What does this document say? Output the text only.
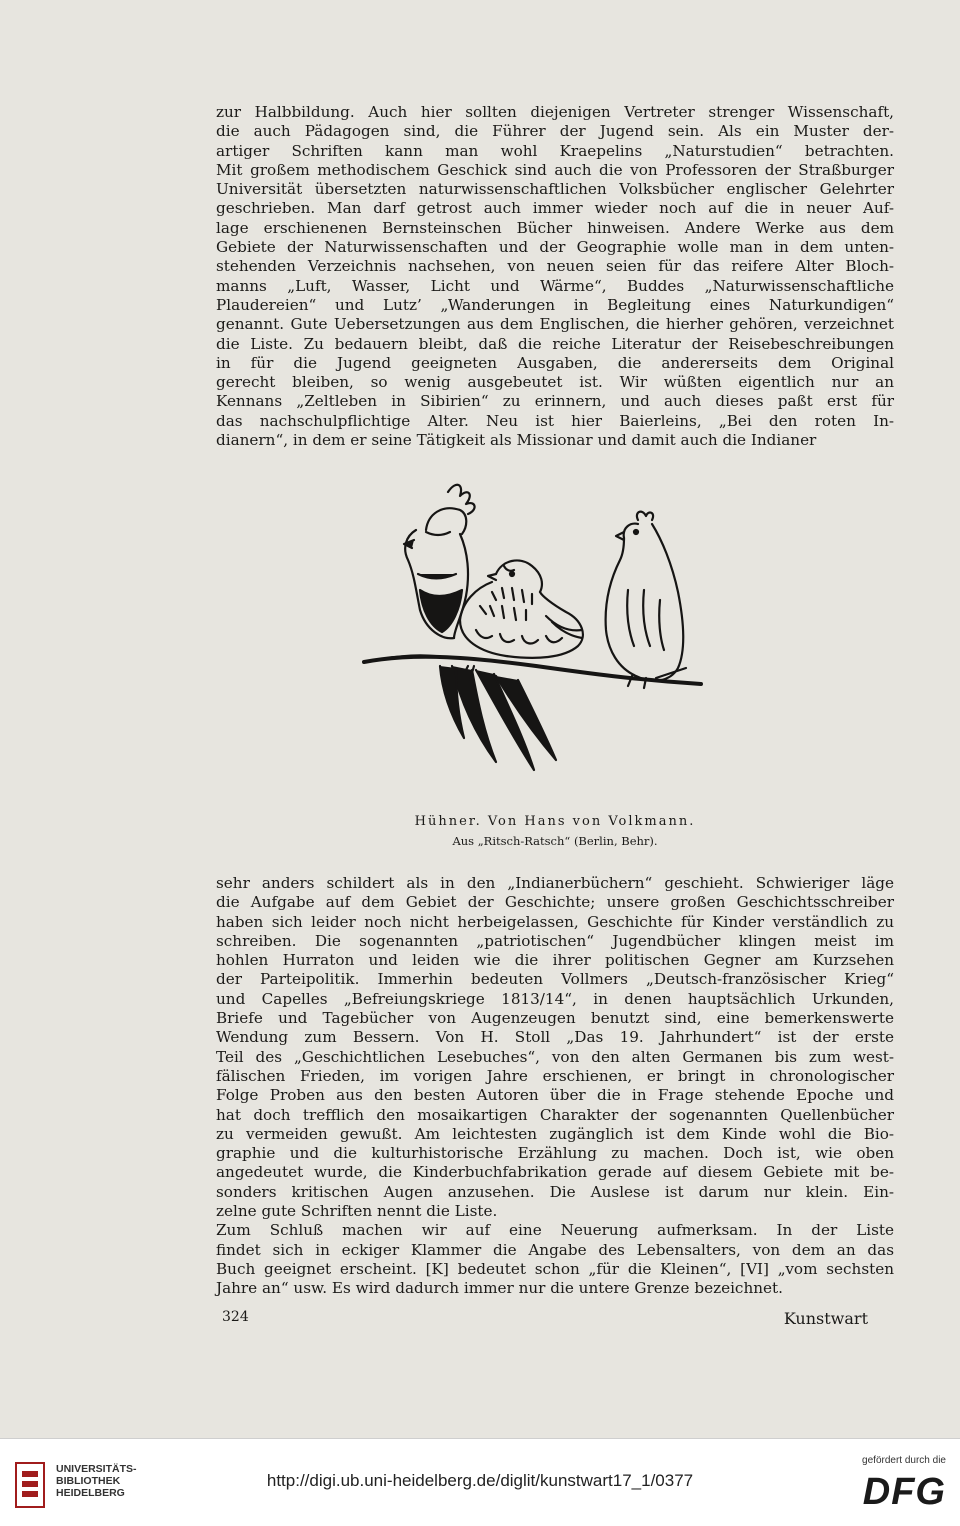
zur Halbbildung. Auch hier sollten diejenigen Vertreter strenger Wissenschaft,
die auch Pädagogen sind, die Führer der Jugend sein. Als ein Muster der-
artiger Schriften kann man wohl Kraepelins „Naturstudien“ betrachten.
Mit großem methodischem Geschick sind auch die von Professoren der Straßburger
Universität übersetzten naturwissenschaftlichen Volksbücher englischer Gelehrter
geschrieben. Man darf getrost auch immer wieder noch auf die in neuer Auf-
lage erschienenen Bernsteinschen Bücher hinweisen. Andere Werke aus dem
Gebiete der Naturwissenschaften und der Geographie wolle man in dem unten-
stehenden Verzeichnis nachsehen, von neuen seien für das reifere Alter Bloch-
manns „Luft, Wasser, Licht und Wärme“, Buddes „Naturwissenschaftliche
Plaudereien“ und Lutz’ „Wanderungen in Begleitung eines Naturkundigen“
genannt. Gute Uebersetzungen aus dem Englischen, die hierher gehören, verzeichnet
die Liste. Zu bedauern bleibt, daß die reiche Literatur der Reisebeschreibungen
in für die Jugend geeigneten Ausgaben, die andererseits dem Original
gerecht bleiben, so wenig ausgebeutet ist. Wir wüßten eigentlich nur an
Kennans „Zeltleben in Sibirien“ zu erinnern, und auch dieses paßt erst für
das nachschulpflichtige Alter. Neu ist hier Baierleins, „Bei den roten In-
dianern“, in dem er seine Tätigkeit als Missionar und damit auch die Indianer
Hühner. Von Hans von Volkmann.
Aus „Ritsch-Ratsch“ (Berlin, Behr).
sehr anders schildert als in den „Indianerbüchern“ geschieht. Schwieriger läge
die Aufgabe auf dem Gebiet der Geschichte; unsere großen Geschichtsschreiber
haben sich leider noch nicht herbeigelassen, Geschichte für Kinder verständlich zu
schreiben. Die sogenannten „patriotischen“ Jugendbücher klingen meist im
hohlen Hurraton und leiden wie die ihrer politischen Gegner am Kurzsehen
der Parteipolitik. Immerhin bedeuten Vollmers „Deutsch-französischer Krieg“
und Capelles „Befreiungskriege 1813/14“, in denen hauptsächlich Urkunden,
Briefe und Tagebücher von Augenzeugen benutzt sind, eine bemerkenswerte
Wendung zum Bessern. Von H. Stoll „Das 19. Jahrhundert“ ist der erste
Teil des „Geschichtlichen Lesebuches“, von den alten Germanen bis zum west-
fälischen Frieden, im vorigen Jahre erschienen, er bringt in chronologischer
Folge Proben aus den besten Autoren über die in Frage stehende Epoche und
hat doch trefflich den mosaikartigen Charakter der sogenannten Quellenbücher
zu vermeiden gewußt. Am leichtesten zugänglich ist dem Kinde wohl die Bio-
graphie und die kulturhistorische Erzählung zu machen. Doch ist, wie oben
angedeutet wurde, die Kinderbuchfabrikation gerade auf diesem Gebiete mit be-
sonders kritischen Augen anzusehen. Die Auslese ist darum nur klein. Ein-
zelne gute Schriften nennt die Liste.
Zum Schluß machen wir auf eine Neuerung aufmerksam. In der Liste
findet sich in eckiger Klammer die Angabe des Lebensalters, von dem an das
Buch geeignet erscheint. [K] bedeutet schon „für die Kleinen“, [VI] „vom sechsten
Jahre an“ usw. Es wird dadurch immer nur die untere Grenze bezeichnet.
324	Kunstwart
UNIVERSITÄTS-
BIBLIOTHEK
HEIDELBERG
http://digi.ub.uni-heidelberg.de/diglit/kunstwart17_1/0377
gefördert durch die
DFG
